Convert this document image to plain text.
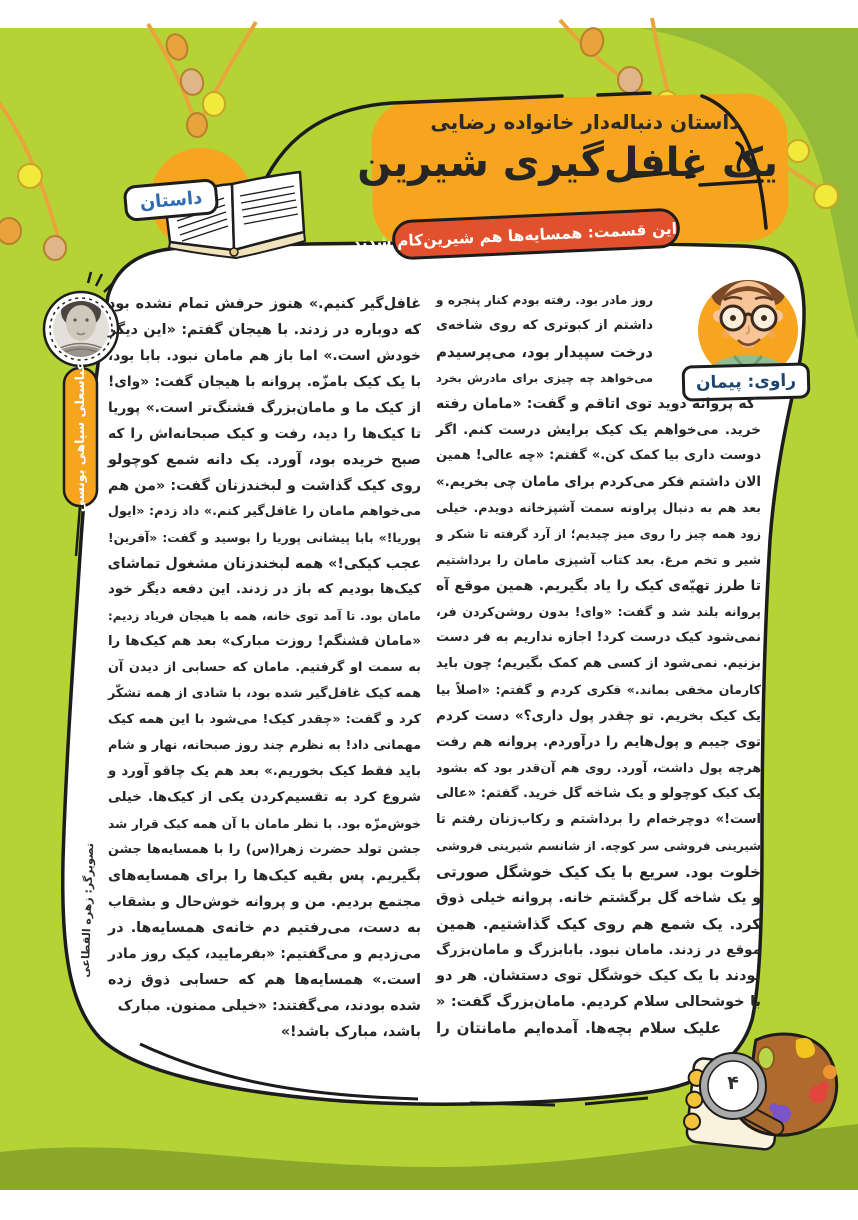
داستان دنباله‌دار خانواده رضایی
یک غافل‌گیری شیرین
این قسمت: همسایه‌ها هم شیرین‌کام شدند
داستان
راوی: پیمان
عباسعلی سپاهی یونسی
تصویرگر: زهره القطاعی
روز مادر بود. رفته بودم کنار پنجره و
داشتم از کبوتری که روی شاخه‌ی
درخت سپیدار بود، می‌پرسیدم
می‌خواهد چه چیزی برای مادرش بخرد
که پروانه دوید توی اتاقم و گفت: «مامان رفته
خرید. می‌خواهم یک کیک برایش درست کنم. اگر
دوست داری بیا کمک کن.» گفتم: «چه عالی! همین
الان داشتم فکر می‌کردم برای مامان چی بخریم.»
بعد هم به دنبال پراونه سمت آشپزخانه دویدم. خیلی
زود همه چیز را روی میز چیدیم؛ از آرد گرفته تا شکر و
شیر و تخم مرغ. بعد کتاب آشپزی مامان را برداشتیم
تا طرز تهیّه‌ی کیک را یاد بگیریم. همین موقع آه
پروانه بلند شد و گفت: «وای! بدون روشن‌کردن فر،
نمی‌شود کیک درست کرد! اجازه نداریم به فر دست
بزنیم. نمی‌شود از کسی هم کمک بگیریم؛ چون باید
کارمان مخفی بماند.» فکری کردم و گفتم: «اصلاً بیا
یک کیک بخریم. تو چقدر پول داری؟» دست کردم
توی جیبم و پول‌هایم را درآوردم. پروانه هم رفت
هرچه پول داشت، آورد. روی هم آن‌قدر بود که بشود
یک کیک کوچولو و یک شاخه گل خرید. گفتم: «عالی
است!» دوچرخه‌ام را برداشتم و رکاب‌زنان رفتم تا
شیرینی فروشی سر کوچه. از شانسم شیرینی فروشی
خلوت بود. سریع با یک کیک خوشگل صورتی
و یک شاخه گل برگشتم خانه. پروانه خیلی ذوق
کرد. یک شمع هم روی کیک گذاشتیم. همین
موقع در زدند. مامان نبود. بابابزرگ و مامان‌بزرگ
بودند با یک کیک خوشگل توی دستشان. هر دو
با خوشحالی سلام کردیم. مامان‌بزرگ گفت: «
علیک سلام بچه‌ها. آمده‌ایم مامانتان را
غافل‌گیر کنیم.» هنوز حرفش تمام نشده بود
که دوباره در زدند. با هیجان گفتم: «این دیگر
خودش است.» اما باز هم مامان نبود. بابا بود،
با یک کیک بامزّه. پروانه با هیجان گفت: «وای!
از کیک ما و مامان‌بزرگ قشنگ‌تر است.» پوریا
تا کیک‌ها را دید، رفت و کیک صبحانه‌اش را که
صبح خریده بود، آورد. یک دانه شمع کوچولو
روی کیک گذاشت و لبخندزنان گفت: «من هم
می‌خواهم مامان را غافل‌گیر کنم.» داد زدم: «ایول
پوریا!» بابا پیشانی پوریا را بوسید و گفت: «آفرین!
عجب کیکی!» همه لبخندزنان مشغول تماشای
کیک‌ها بودیم که باز در زدند. این دفعه دیگر خود
مامان بود. تا آمد توی خانه، همه با هیجان فریاد زدیم:
«مامان قشنگم! روزت مبارک» بعد هم کیک‌ها را
به سمت او گرفتیم. مامان که حسابی از دیدن آن
همه کیک غافل‌گیر شده بود، با شادی از همه تشکّر
کرد و گفت: «چقدر کیک! می‌شود با این همه کیک
مهمانی داد! به نظرم چند روز صبحانه، نهار و شام
باید فقط کیک بخوریم.» بعد هم یک چاقو آورد و
شروع کرد به تقسیم‌کردن یکی از کیک‌ها. خیلی
خوش‌مزّه بود. با نظر مامان با آن همه کیک قرار شد
جشن تولد حضرت زهرا(س) را با همسایه‌ها جشن
بگیریم. پس بقیه کیک‌ها را برای همسایه‌های
مجتمع بردیم. من و پروانه خوش‌حال و بشقاب
به دست، می‌رفتیم دم خانه‌ی همسایه‌ها. در
می‌زدیم و می‌گفتیم: «بفرمایید، کیک روز مادر
است.» همسایه‌ها هم که حسابی ذوق زده
شده بودند، می‌گفتند: «خیلی ممنون. مبارک
باشد، مبارک باشد!»
۴
